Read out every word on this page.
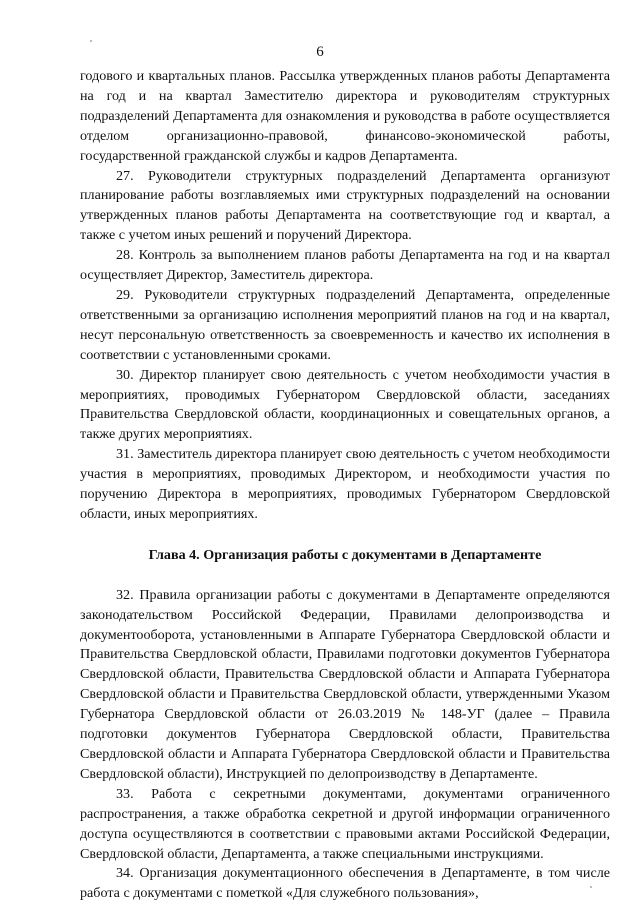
6

годового и квартальных планов. Рассылка утвержденных планов работы Департамента на год и на квартал Заместителю директора и руководителям структурных подразделений Департамента для ознакомления и руководства в работе осуществляется отделом организационно-правовой, финансово-экономической работы, государственной гражданской службы и кадров Департамента.

27. Руководители структурных подразделений Департамента организуют планирование работы возглавляемых ими структурных подразделений на основании утвержденных планов работы Департамента на соответствующие год и квартал, а также с учетом иных решений и поручений Директора.

28. Контроль за выполнением планов работы Департамента на год и на квартал осуществляет Директор, Заместитель директора.

29. Руководители структурных подразделений Департамента, определенные ответственными за организацию исполнения мероприятий планов на год и на квартал, несут персональную ответственность за своевременность и качество их исполнения в соответствии с установленными сроками.

30. Директор планирует свою деятельность с учетом необходимости участия в мероприятиях, проводимых Губернатором Свердловской области, заседаниях Правительства Свердловской области, координационных и совещательных органов, а также других мероприятиях.

31. Заместитель директора планирует свою деятельность с учетом необходимости участия в мероприятиях, проводимых Директором, и необходимости участия по поручению Директора в мероприятиях, проводимых Губернатором Свердловской области, иных мероприятиях.

Глава 4. Организация работы с документами в Департаменте

32. Правила организации работы с документами в Департаменте определяются законодательством Российской Федерации, Правилами делопроизводства и документооборота, установленными в Аппарате Губернатора Свердловской области и Правительства Свердловской области, Правилами подготовки документов Губернатора Свердловской области, Правительства Свердловской области и Аппарата Губернатора Свердловской области и Правительства Свердловской области, утвержденными Указом Губернатора Свердловской области от 26.03.2019 № 148-УГ (далее – Правила подготовки документов Губернатора Свердловской области, Правительства Свердловской области и Аппарата Губернатора Свердловской области и Правительства Свердловской области), Инструкцией по делопроизводству в Департаменте.

33. Работа с секретными документами, документами ограниченного распространения, а также обработка секретной и другой информации ограниченного доступа осуществляются в соответствии с правовыми актами Российской Федерации, Свердловской области, Департамента, а также специальными инструкциями.

34. Организация документационного обеспечения в Департаменте, в том числе работа с документами с пометкой «Для служебного пользования»,
